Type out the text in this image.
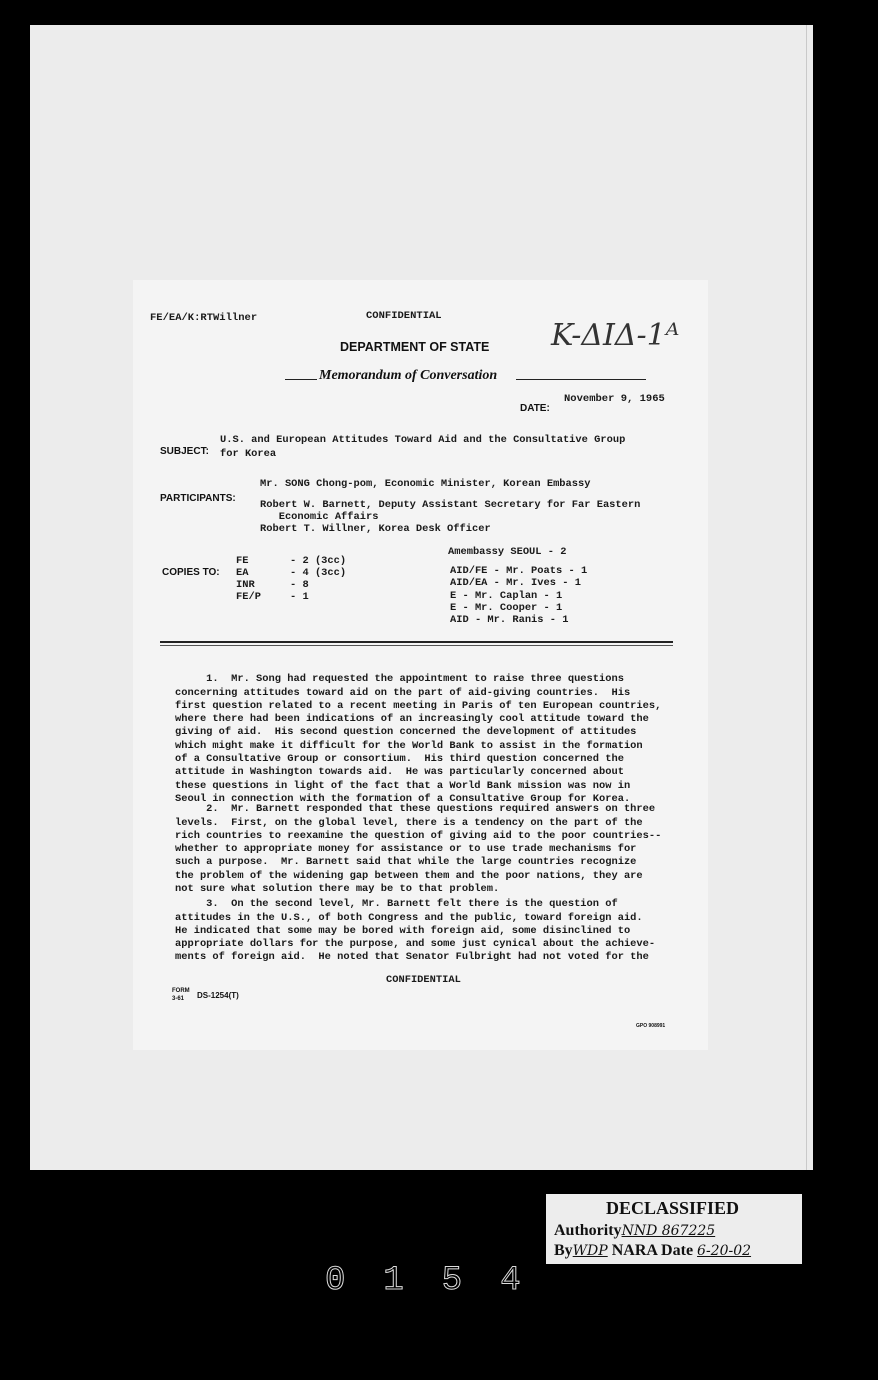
FE/EA/K:RTWillner	CONFIDENTIAL
K-ΔIΔ-1ᴬ
DEPARTMENT OF STATE
Memorandum of Conversation
DATE:
November 9, 1965
SUBJECT:
U.S. and European Attitudes Toward Aid and the Consultative Group
for Korea
PARTICIPANTS:
Mr. SONG Chong-pom, Economic Minister, Korean Embassy
Robert W. Barnett, Deputy Assistant Secretary for Far Eastern
Economic Affairs
Robert T. Willner, Korea Desk Officer
COPIES TO:
FE	- 2 (3cc)
EA	- 4 (3cc)
INR	- 8
FE/P	- 1
Amembassy SEOUL - 2
AID/FE - Mr. Poats - 1
AID/EA - Mr. Ives - 1
E - Mr. Caplan - 1
E - Mr. Cooper - 1
AID - Mr. Ranis - 1

1.  Mr. Song had requested the appointment to raise three questions
concerning attitudes toward aid on the part of aid-giving countries.  His
first question related to a recent meeting in Paris of ten European countries,
where there had been indications of an increasingly cool attitude toward the
giving of aid.  His second question concerned the development of attitudes
which might make it difficult for the World Bank to assist in the formation
of a Consultative Group or consortium.  His third question concerned the
attitude in Washington towards aid.  He was particularly concerned about
these questions in light of the fact that a World Bank mission was now in
Seoul in connection with the formation of a Consultative Group for Korea.

2.  Mr. Barnett responded that these questions required answers on three
levels.  First, on the global level, there is a tendency on the part of the
rich countries to reexamine the question of giving aid to the poor countries--
whether to appropriate money for assistance or to use trade mechanisms for
such a purpose.  Mr. Barnett said that while the large countries recognize
the problem of the widening gap between them and the poor nations, they are
not sure what solution there may be to that problem.

3.  On the second level, Mr. Barnett felt there is the question of
attitudes in the U.S., of both Congress and the public, toward foreign aid.
He indicated that some may be bored with foreign aid, some disinclined to
appropriate dollars for the purpose, and some just cynical about the achieve-
ments of foreign aid.  He noted that Senator Fulbright had not voted for the
CONFIDENTIAL
FORM
3-61 DS-1254(T)
GPO 908991
DECLASSIFIED
AuthorityNND 867225
ByWDP NARA Date 6-20-02
0154
